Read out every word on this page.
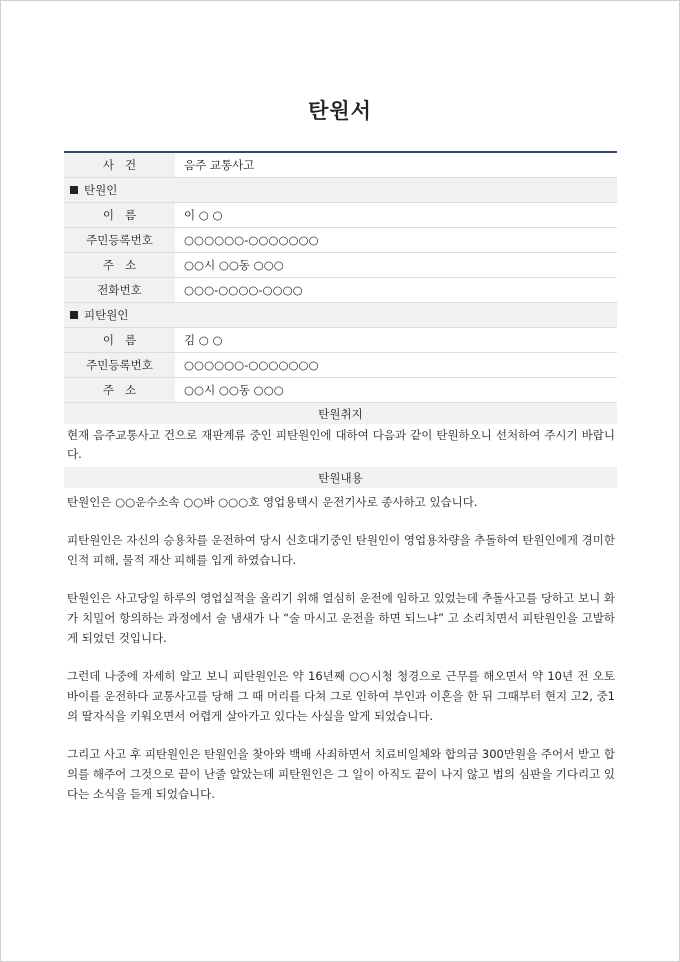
탄원서
사   건	음주 교통사고
탄원인
이   름	이 ○ ○
주민등록번호	○○○○○○-○○○○○○○
주   소	○○시 ○○동 ○○○
전화번호	○○○-○○○○-○○○○
피탄원인
이   름	김 ○ ○
주민등록번호	○○○○○○-○○○○○○○
주   소	○○시 ○○동 ○○○
탄원취지
현재 음주교통사고 건으로 재판계류 중인 피탄원인에 대하여 다음과 같이 탄원하오니 선처하여 주시기 바랍니다.
탄원내용

탄원인은 ○○운수소속 ○○바 ○○○호 영업용택시 운전기사로 종사하고 있습니다.

피탄원인은 자신의 승용차를 운전하여 당시 신호대기중인 탄원인이 영업용차량을 추돌하여 탄원인에게 경미한 인적 피해, 물적 재산 피해를 입게 하였습니다.

탄원인은 사고당일 하루의 영업실적을 올리기 위해 열심히 운전에 임하고 있었는데 추돌사고를 당하고 보니 화가 치밀어 항의하는 과정에서 술 냄새가 나 “술 마시고 운전을 하면 되느냐” 고 소리치면서 피탄원인을 고발하게 되었던 것입니다.

그런데 나중에 자세히 알고 보니 피탄원인은 약 16년째 ○○시청 청경으로 근무를 해오면서 약 10년 전 오토바이를 운전하다 교통사고를 당해 그 때 머리를 다쳐 그로 인하여 부인과 이혼을 한 뒤 그때부터 현지 고2, 중1의 딸자식을 키워오면서 어렵게 살아가고 있다는 사실을 알게 되었습니다.

그리고 사고 후 피탄원인은 탄원인을 찾아와 백배 사죄하면서 치료비일체와 합의금 300만원을 주어서 받고 합의를 해주어 그것으로 끝이 난줄 알았는데 피탄원인은 그 일이 아직도 끝이 나지 않고 법의 심판을 기다리고 있다는 소식을 듣게 되었습니다.
